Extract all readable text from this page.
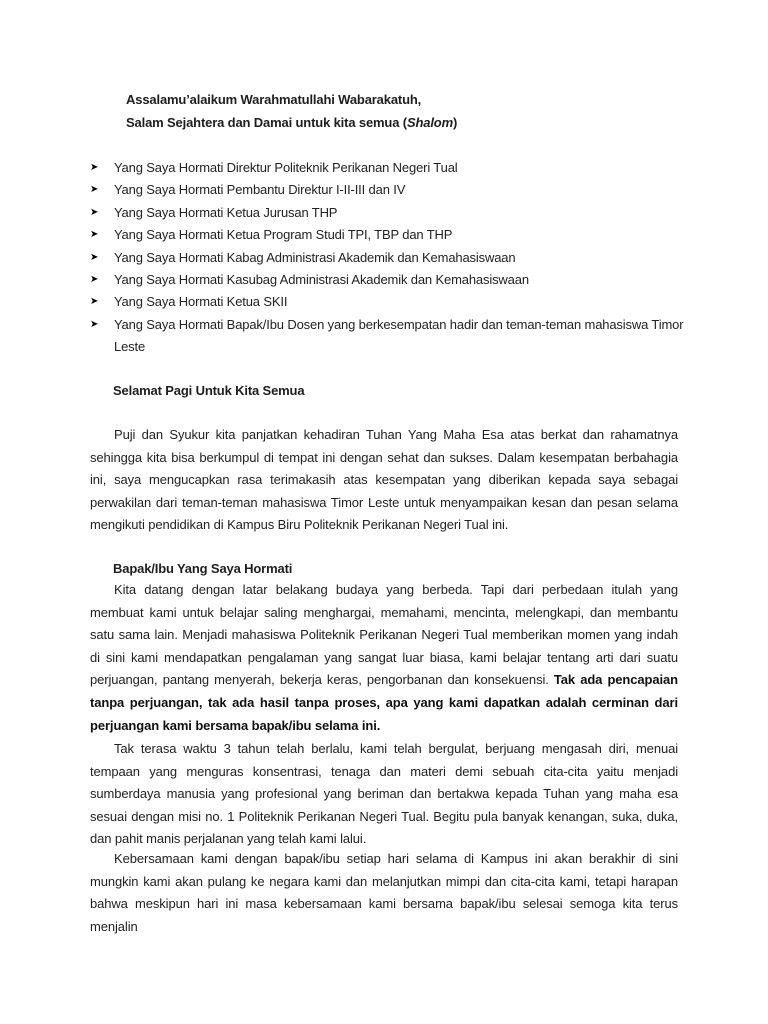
Assalamu’alaikum Warahmatullahi Wabarakatuh,
Salam Sejahtera dan Damai untuk kita semua (Shalom)
➤ Yang Saya Hormati Direktur Politeknik Perikanan Negeri Tual
➤ Yang Saya Hormati Pembantu Direktur I-II-III dan IV
➤ Yang Saya Hormati Ketua Jurusan THP
➤ Yang Saya Hormati Ketua Program Studi TPI, TBP dan THP
➤ Yang Saya Hormati Kabag Administrasi Akademik dan Kemahasiswaan
➤ Yang Saya Hormati Kasubag Administrasi Akademik dan Kemahasiswaan
➤ Yang Saya Hormati Ketua SKII
➤ Yang Saya Hormati Bapak/Ibu Dosen yang berkesempatan hadir dan teman-teman mahasiswa Timor Leste
Selamat Pagi Untuk Kita Semua

Puji dan Syukur kita panjatkan kehadiran Tuhan Yang Maha Esa atas berkat dan rahamatnya sehingga kita bisa berkumpul di tempat ini dengan sehat dan sukses. Dalam kesempatan berbahagia ini, saya mengucapkan rasa terimakasih atas kesempatan yang diberikan kepada saya sebagai perwakilan dari teman-teman mahasiswa Timor Leste untuk menyampaikan kesan dan pesan selama mengikuti pendidikan di Kampus Biru Politeknik Perikanan Negeri Tual ini.

Bapak/Ibu Yang Saya Hormati

Kita datang dengan latar belakang budaya yang berbeda. Tapi dari perbedaan itulah yang membuat kami untuk belajar saling menghargai, memahami, mencinta, melengkapi, dan membantu satu sama lain. Menjadi mahasiswa Politeknik Perikanan Negeri Tual memberikan momen yang indah di sini kami mendapatkan pengalaman yang sangat luar biasa, kami belajar tentang arti dari suatu perjuangan, pantang menyerah, bekerja keras, pengorbanan dan konsekuensi. Tak ada pencapaian tanpa perjuangan, tak ada hasil tanpa proses, apa yang kami dapatkan adalah cerminan dari perjuangan kami bersama bapak/ibu selama ini.

Tak terasa waktu 3 tahun telah berlalu, kami telah bergulat, berjuang mengasah diri, menuai tempaan yang menguras konsentrasi, tenaga dan materi demi sebuah cita-cita yaitu menjadi sumberdaya manusia yang profesional yang beriman dan bertakwa kepada Tuhan yang maha esa sesuai dengan misi no. 1 Politeknik Perikanan Negeri Tual. Begitu pula banyak kenangan, suka, duka, dan pahit manis perjalanan yang telah kami lalui.

Kebersamaan kami dengan bapak/ibu setiap hari selama di Kampus ini akan berakhir di sini mungkin kami akan pulang ke negara kami dan melanjutkan mimpi dan cita-cita kami, tetapi harapan bahwa meskipun hari ini masa kebersamaan kami bersama bapak/ibu selesai semoga kita terus menjalin
